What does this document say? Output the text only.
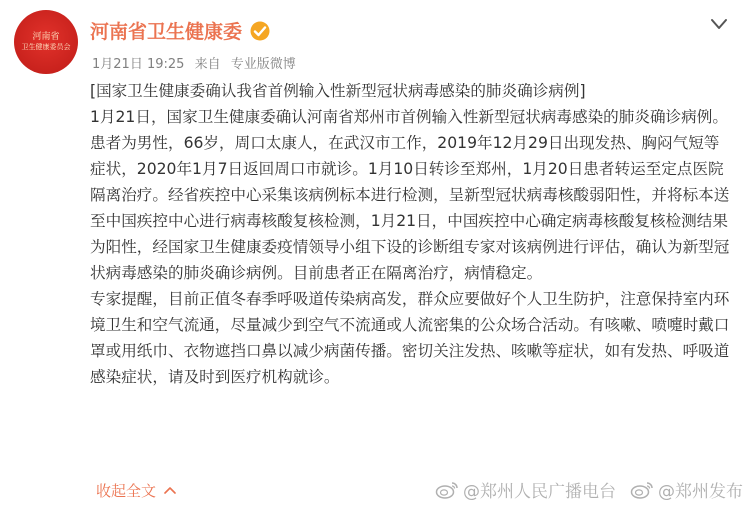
河南省
卫生健康委员会
河南省卫生健康委
1月21日 19:25 来自 专业版微博

[国家卫生健康委确认我省首例输入性新型冠状病毒感染的肺炎确诊病例]

1月21日，国家卫生健康委确认河南省郑州市首例输入性新型冠状病毒感染的肺炎确诊病例。

患者为男性，66岁，周口太康人，在武汉市工作，2019年12月29日出现发热、胸闷气短等症状，2020年1月7日返回周口市就诊。1月10日转诊至郑州，1月20日患者转运至定点医院隔离治疗。经省疾控中心采集该病例标本进行检测，呈新型冠状病毒核酸弱阳性，并将标本送至中国疾控中心进行病毒核酸复核检测，1月21日，中国疾控中心确定病毒核酸复核检测结果为阳性，经国家卫生健康委疫情领导小组下设的诊断组专家对该病例进行评估，确认为新型冠状病毒感染的肺炎确诊病例。目前患者正在隔离治疗，病情稳定。

专家提醒，目前正值冬春季呼吸道传染病高发，群众应要做好个人卫生防护，注意保持室内环境卫生和空气流通，尽量减少到空气不流通或人流密集的公众场合活动。有咳嗽、喷嚏时戴口罩或用纸巾、衣物遮挡口鼻以减少病菌传播。密切关注发热、咳嗽等症状，如有发热、呼吸道感染症状，请及时到医疗机构就诊。

收起全文	@郑州人民广播电台 @郑州发布
